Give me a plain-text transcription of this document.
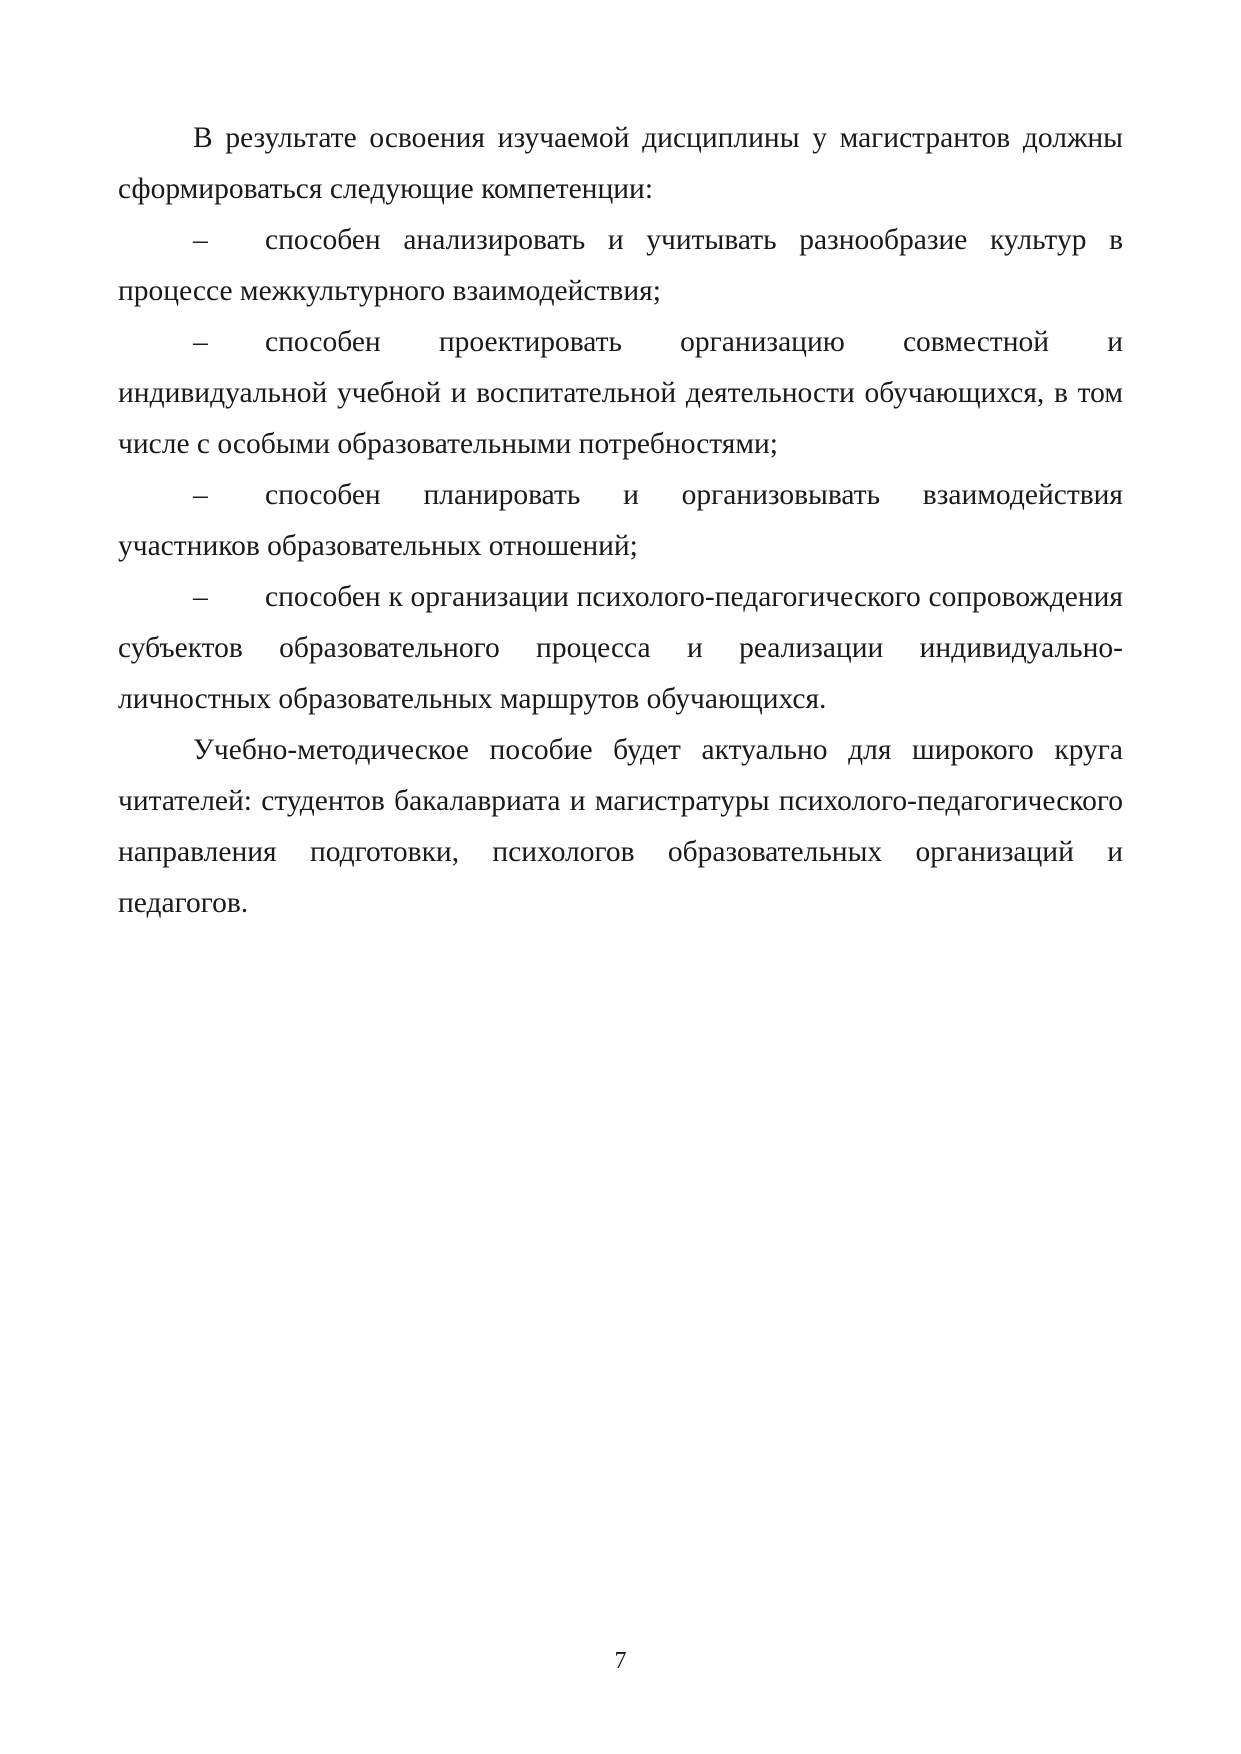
В результате освоения изучаемой дисциплины у магистрантов должны сформироваться следующие компетенции:

– способен анализировать и учитывать разнообразие культур в процессе межкультурного взаимодействия;

– способен проектировать организацию совместной и индивидуальной учебной и воспитательной деятельности обучающихся, в том числе с особыми образовательными потребностями;

– способен планировать и организовывать взаимодействия участников образовательных отношений;

– способен к организации психолого-педагогического сопровождения субъектов образовательного процесса и реализации индивидуально-личностных образовательных маршрутов обучающихся.

Учебно-методическое пособие будет актуально для широкого круга читателей: студентов бакалавриата и магистратуры психолого-педагогического направления подготовки, психологов образовательных организаций и педагогов.

7
